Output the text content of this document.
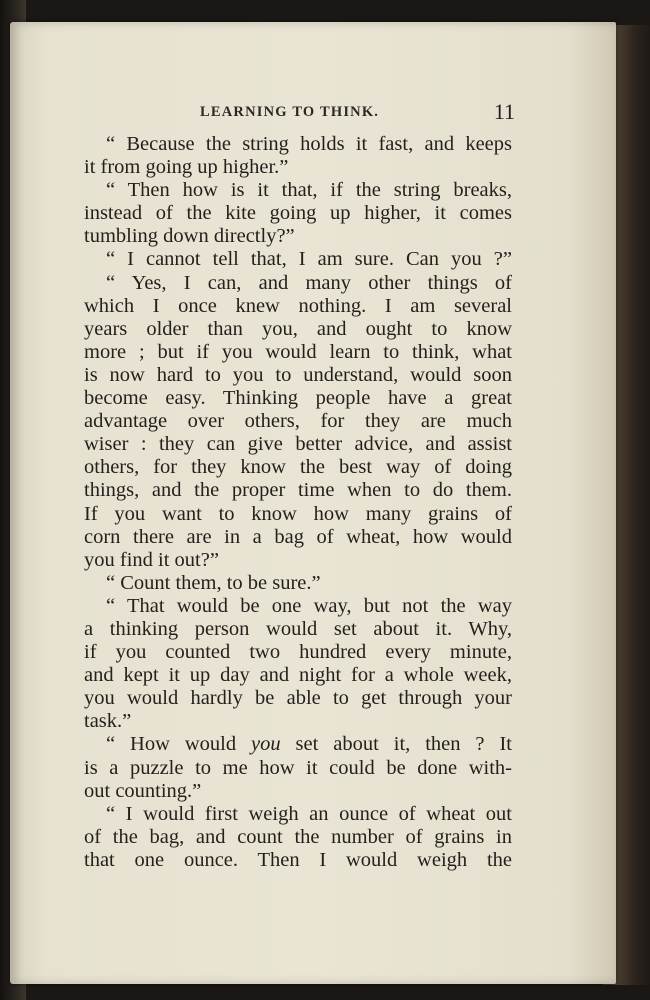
LEARNING TO THINK.	11
“ Because the string holds it fast, and keeps
it from going up higher.”
“ Then how is it that, if the string breaks,
instead of the kite going up higher, it comes
tumbling down directly?”
“ I cannot tell that, I am sure. Can you ?”
“ Yes, I can, and many other things of
which I once knew nothing. I am several
years older than you, and ought to know
more ; but if you would learn to think, what
is now hard to you to understand, would soon
become easy. Thinking people have a great
advantage over others, for they are much
wiser : they can give better advice, and assist
others, for they know the best way of doing
things, and the proper time when to do them.
If you want to know how many grains of
corn there are in a bag of wheat, how would
you find it out?”
“ Count them, to be sure.”
“ That would be one way, but not the way
a thinking person would set about it. Why,
if you counted two hundred every minute,
and kept it up day and night for a whole week,
you would hardly be able to get through your
task.”
“ How would you set about it, then ? It
is a puzzle to me how it could be done with-
out counting.”
“ I would first weigh an ounce of wheat out
of the bag, and count the number of grains in
that one ounce. Then I would weigh the
